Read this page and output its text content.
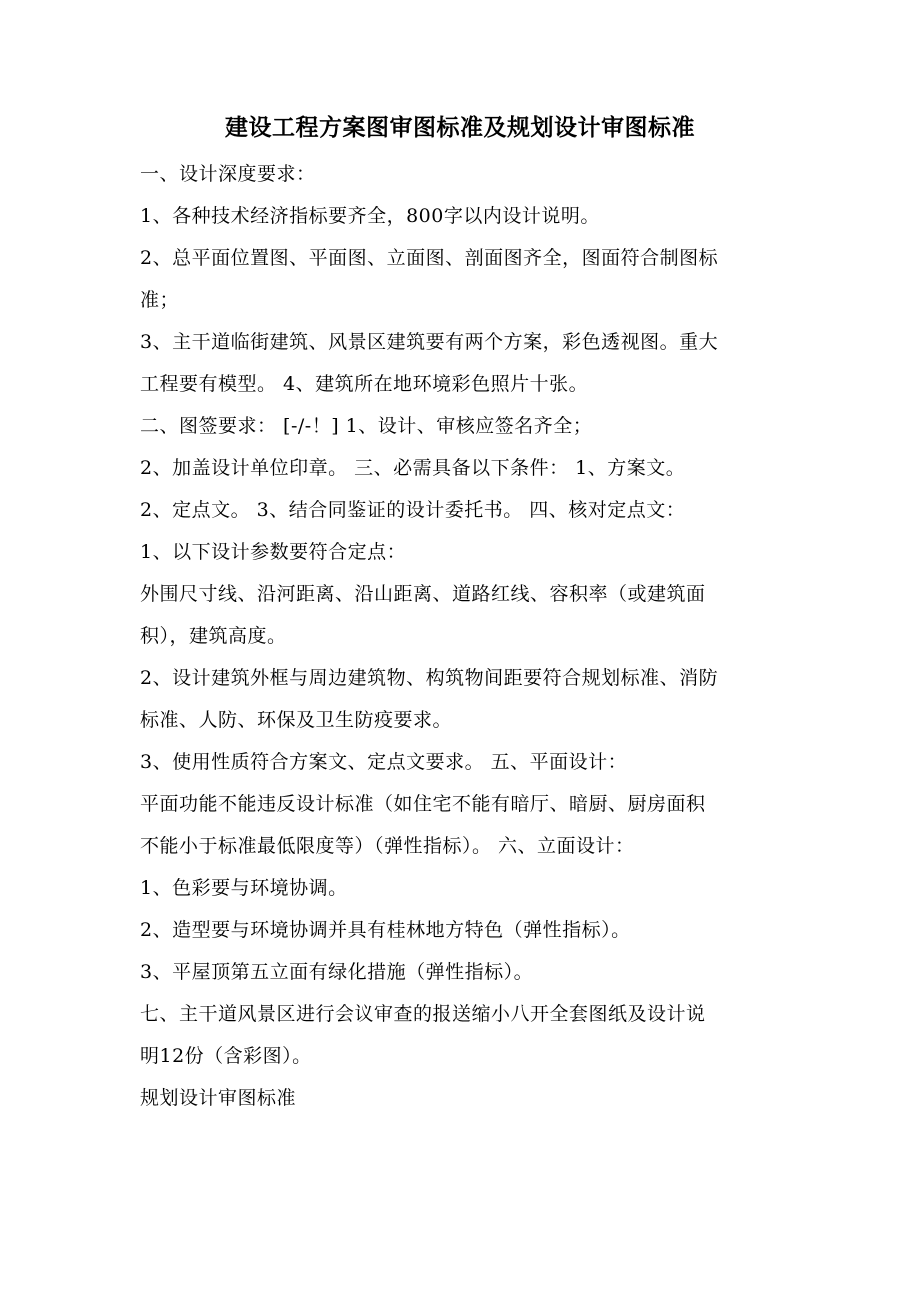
建设工程方案图审图标准及规划设计审图标准
一、设计深度要求：
1、各种技术经济指标要齐全，800字以内设计说明。
2、总平面位置图、平面图、立面图、剖面图齐全，图面符合制图标
准；
3、主干道临街建筑、风景区建筑要有两个方案，彩色透视图。重大
工程要有模型。 4、建筑所在地环境彩色照片十张。
二、图签要求： [-/-！] 1、设计、审核应签名齐全；
2、加盖设计单位印章。 三、必需具备以下条件： 1、方案文。
2、定点文。 3、结合同鉴证的设计委托书。 四、核对定点文：
1、以下设计参数要符合定点：
外围尺寸线、沿河距离、沿山距离、道路红线、容积率（或建筑面
积），建筑高度。
2、设计建筑外框与周边建筑物、构筑物间距要符合规划标准、消防
标准、人防、环保及卫生防疫要求。
3、使用性质符合方案文、定点文要求。 五、平面设计：
平面功能不能违反设计标准（如住宅不能有暗厅、暗厨、厨房面积
不能小于标准最低限度等）（弹性指标）。 六、立面设计：
1、色彩要与环境协调。
2、造型要与环境协调并具有桂林地方特色（弹性指标）。
3、平屋顶第五立面有绿化措施（弹性指标）。
七、主干道风景区进行会议审查的报送缩小八开全套图纸及设计说
明12份（含彩图）。
规划设计审图标准
